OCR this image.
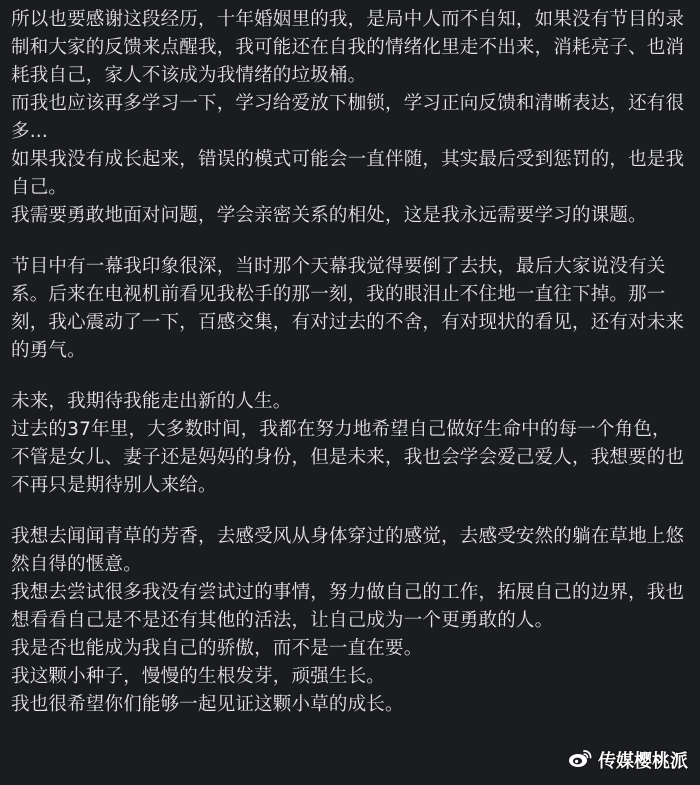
所以也要感谢这段经历，十年婚姻里的我，是局中人而不自知，如果没有节目的录
制和大家的反馈来点醒我，我可能还在自我的情绪化里走不出来，消耗亮子、也消
耗我自己，家人不该成为我情绪的垃圾桶。
而我也应该再多学习一下，学习给爱放下枷锁，学习正向反馈和清晰表达，还有很
多...
如果我没有成长起来，错误的模式可能会一直伴随，其实最后受到惩罚的，也是我
自己。
我需要勇敢地面对问题，学会亲密关系的相处，这是我永远需要学习的课题。
节目中有一幕我印象很深，当时那个天幕我觉得要倒了去扶，最后大家说没有关
系。后来在电视机前看见我松手的那一刻，我的眼泪止不住地一直往下掉。那一
刻，我心震动了一下，百感交集，有对过去的不舍，有对现状的看见，还有对未来
的勇气。
未来，我期待我能走出新的人生。
过去的37年里，大多数时间，我都在努力地希望自己做好生命中的每一个角色，
不管是女儿、妻子还是妈妈的身份，但是未来，我也会学会爱己爱人，我想要的也
不再只是期待别人来给。
我想去闻闻青草的芳香，去感受风从身体穿过的感觉，去感受安然的躺在草地上悠
然自得的惬意。
我想去尝试很多我没有尝试过的事情，努力做自己的工作，拓展自己的边界，我也
想看看自己是不是还有其他的活法，让自己成为一个更勇敢的人。
我是否也能成为我自己的骄傲，而不是一直在要。
我这颗小种子，慢慢的生根发芽，顽强生长。
我也很希望你们能够一起见证这颗小草的成长。
传媒樱桃派
